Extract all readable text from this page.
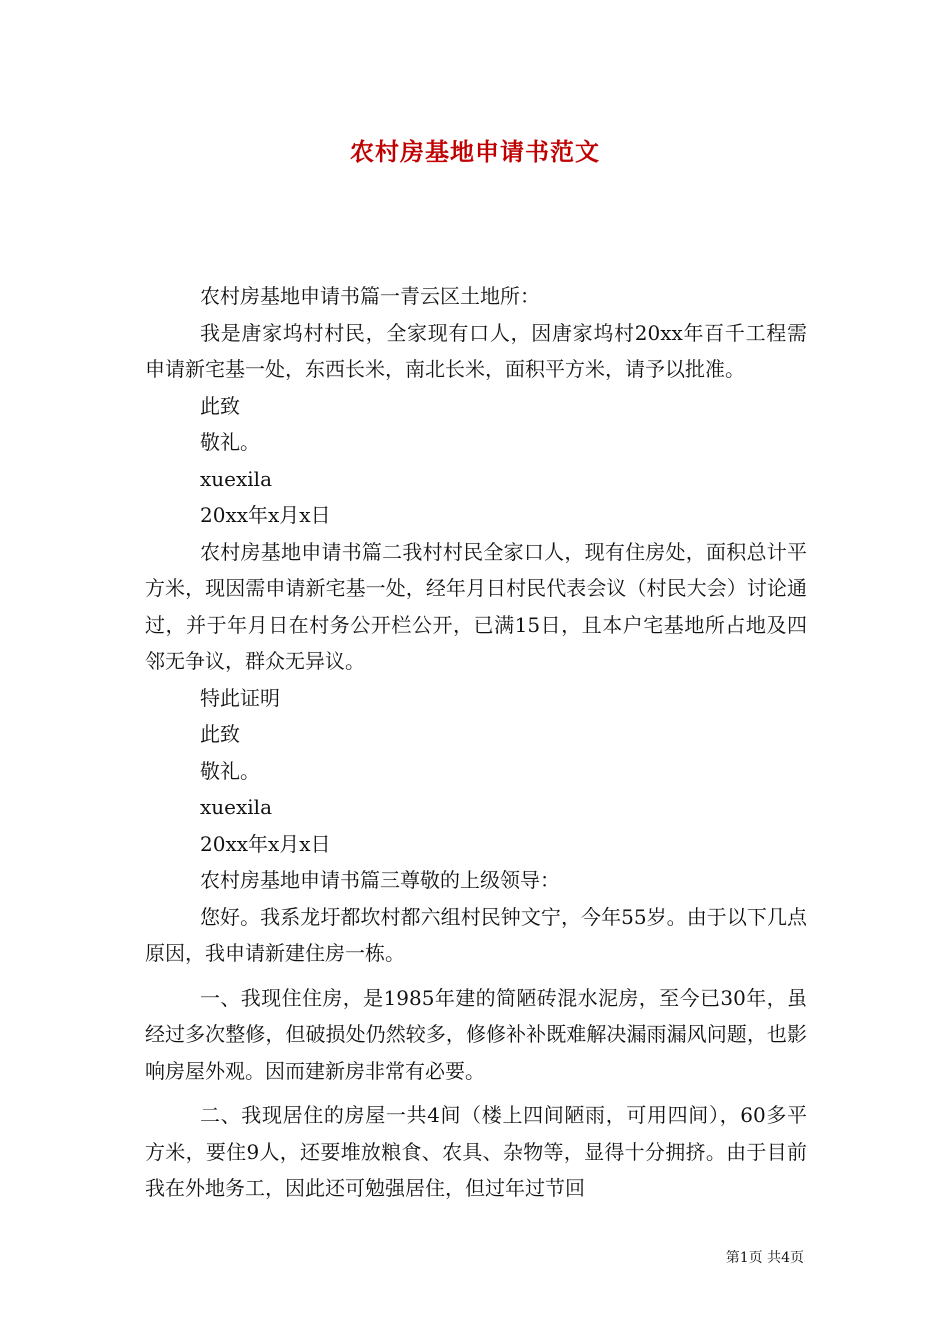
农村房基地申请书范文

农村房基地申请书篇一青云区土地所：

我是唐家坞村村民，全家现有口人，因唐家坞村20xx年百千工程需申请新宅基一处，东西长米，南北长米，面积平方米，请予以批准。

此致

敬礼。

xuexila

20xx年x月x日

农村房基地申请书篇二我村村民全家口人，现有住房处，面积总计平方米，现因需申请新宅基一处，经年月日村民代表会议（村民大会）讨论通过，并于年月日在村务公开栏公开，已满15日，且本户宅基地所占地及四邻无争议，群众无异议。

特此证明

此致

敬礼。

xuexila

20xx年x月x日

农村房基地申请书篇三尊敬的上级领导：

您好。我系龙圩都坎村都六组村民钟文宁，今年55岁。由于以下几点原因，我申请新建住房一栋。

一、我现住住房，是1985年建的简陋砖混水泥房，至今已30年，虽经过多次整修，但破损处仍然较多，修修补补既难解决漏雨漏风问题，也影响房屋外观。因而建新房非常有必要。

二、我现居住的房屋一共4间（楼上四间陋雨，可用四间），60多平方米，要住9人，还要堆放粮食、农具、杂物等，显得十分拥挤。由于目前我在外地务工，因此还可勉强居住，但过年过节回

第1页 共4页
